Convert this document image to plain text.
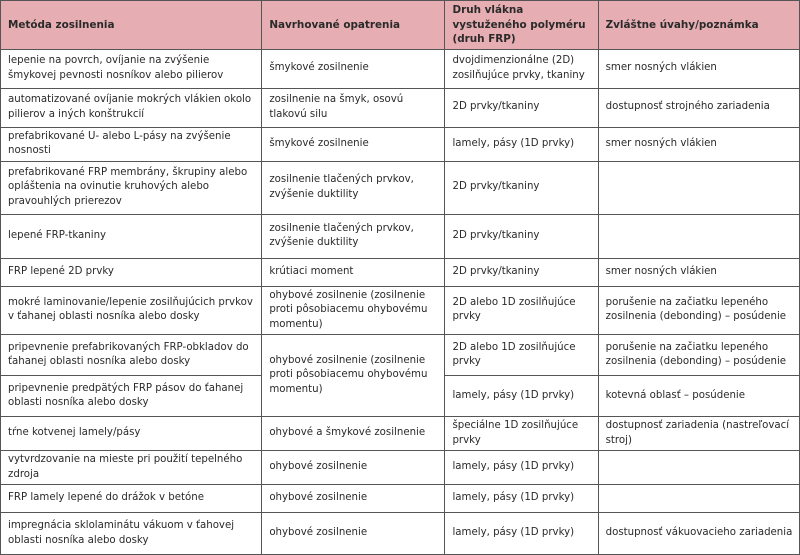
Metóda zosilnenia	Navrhované opatrenia	Druh vlákna vystuženého polyméru (druh FRP)	Zvláštne úvahy/poznámka
lepenie na povrch, ovíjanie na zvýšenie šmykovej pevnosti nosníkov alebo pilierov	šmykové zosilnenie	dvojdimenzionálne (2D) zosilňujúce prvky, tkaniny	smer nosných vlákien
automatizované ovíjanie mokrých vlákien okolo pilierov a iných konštrukcií	zosilnenie na šmyk, osovú tlakovú silu	2D prvky/tkaniny	dostupnosť strojného zariadenia
prefabrikované U- alebo L-pásy na zvýšenie nosnosti	šmykové zosilnenie	lamely, pásy (1D prvky)	smer nosných vlákien
prefabrikované FRP membrány, škrupiny alebo opláštenia na ovinutie kruhových alebo pravouhlých prierezov	zosilnenie tlačených prvkov, zvýšenie duktility	2D prvky/tkaniny	
lepené FRP-tkaniny	zosilnenie tlačených prvkov, zvýšenie duktility	2D prvky/tkaniny	
FRP lepené 2D prvky	krútiaci moment	2D prvky/tkaniny	smer nosných vlákien
mokré laminovanie/lepenie zosilňujúcich prvkov v ťahanej oblasti nosníka alebo dosky	ohybové zosilnenie (zosilnenie proti pôsobiacemu ohybovému momentu)	2D alebo 1D zosilňujúce prvky	porušenie na začiatku lepeného zosilnenia (debonding) – posúdenie
pripevnenie prefabrikovaných FRP-obkladov do ťahanej oblasti nosníka alebo dosky	ohybové zosilnenie (zosilnenie proti pôsobiacemu ohybovému momentu)	2D alebo 1D zosilňujúce prvky	porušenie na začiatku lepeného zosilnenia (debonding) – posúdenie
pripevnenie predpätých FRP pásov do ťahanej oblasti nosníka alebo dosky		lamely, pásy (1D prvky)	kotevná oblasť – posúdenie
tŕne kotvenej lamely/pásy	ohybové a šmykové zosilnenie	špeciálne 1D zosilňujúce prvky	dostupnosť zariadenia (nastreľovací stroj)
vytvrdzovanie na mieste pri použití tepelného zdroja	ohybové zosilnenie	lamely, pásy (1D prvky)	
FRP lamely lepené do drážok v betóne	ohybové zosilnenie	lamely, pásy (1D prvky)	
impregnácia sklolaminátu vákuom v ťahovej oblasti nosníka alebo dosky	ohybové zosilnenie	lamely, pásy (1D prvky)	dostupnosť vákuovacieho zariadenia
